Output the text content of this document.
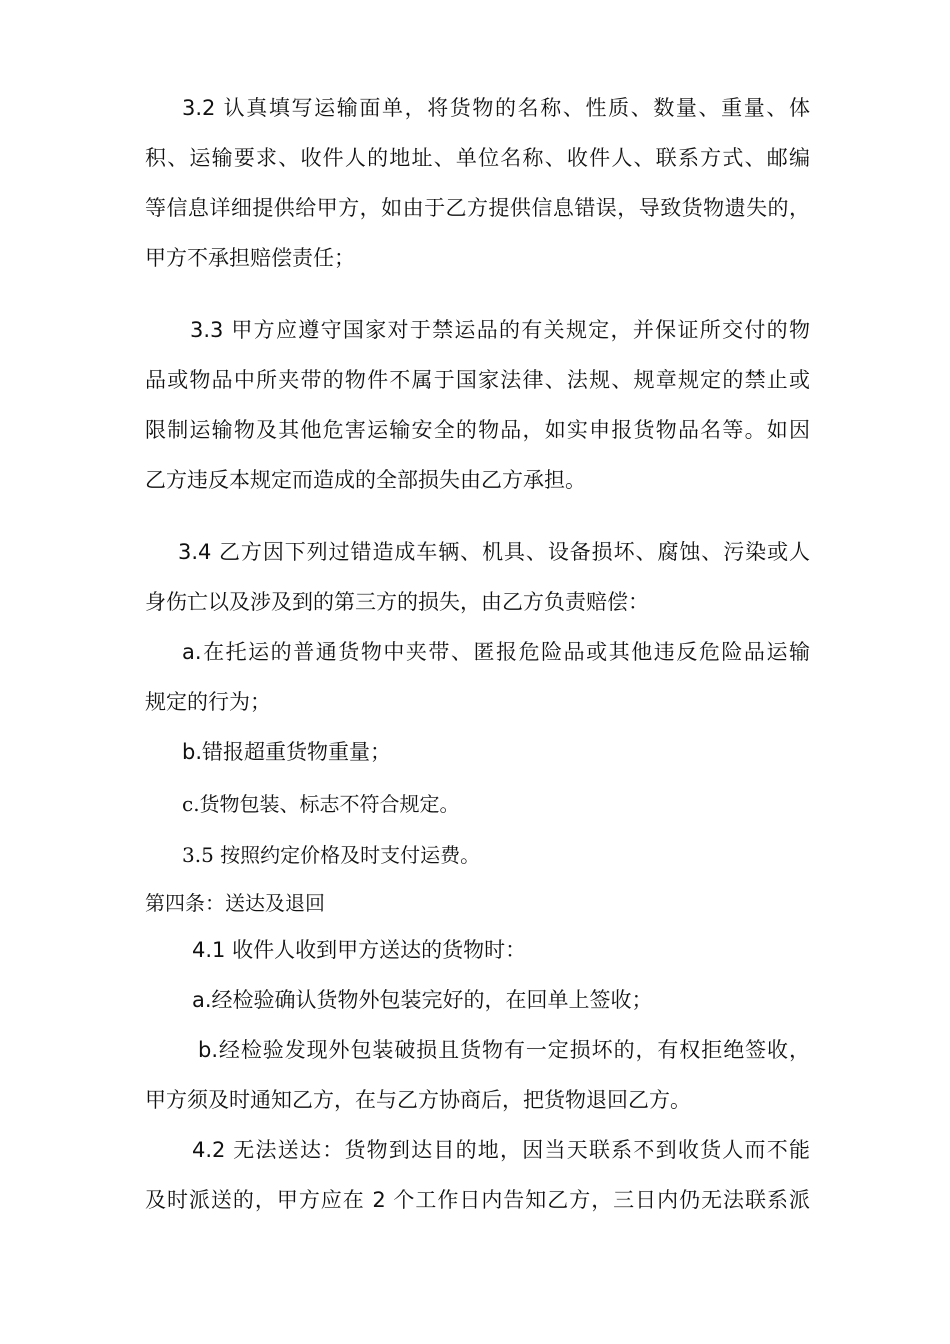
3.2 认真填写运输面单，将货物的名称、性质、数量、重量、体
积、运输要求、收件人的地址、单位名称、收件人、联系方式、邮编
等信息详细提供给甲方，如由于乙方提供信息错误，导致货物遗失的，
甲方不承担赔偿责任；
3.3 甲方应遵守国家对于禁运品的有关规定，并保证所交付的物
品或物品中所夹带的物件不属于国家法律、法规、规章规定的禁止或
限制运输物及其他危害运输安全的物品，如实申报货物品名等。如因
乙方违反本规定而造成的全部损失由乙方承担。
3.4 乙方因下列过错造成车辆、机具、设备损坏、腐蚀、污染或人
身伤亡以及涉及到的第三方的损失，由乙方负责赔偿：
a.在托运的普通货物中夹带、匿报危险品或其他违反危险品运输
规定的行为；
b.错报超重货物重量；
c.货物包装、标志不符合规定。
3.5 按照约定价格及时支付运费。
第四条：送达及退回
4.1 收件人收到甲方送达的货物时：
a.经检验确认货物外包装完好的，在回单上签收；
b.经检验发现外包装破损且货物有一定损坏的，有权拒绝签收，
甲方须及时通知乙方，在与乙方协商后，把货物退回乙方。
4.2 无法送达：货物到达目的地，因当天联系不到收货人而不能
及时派送的，甲方应在 2 个工作日内告知乙方，三日内仍无法联系派
